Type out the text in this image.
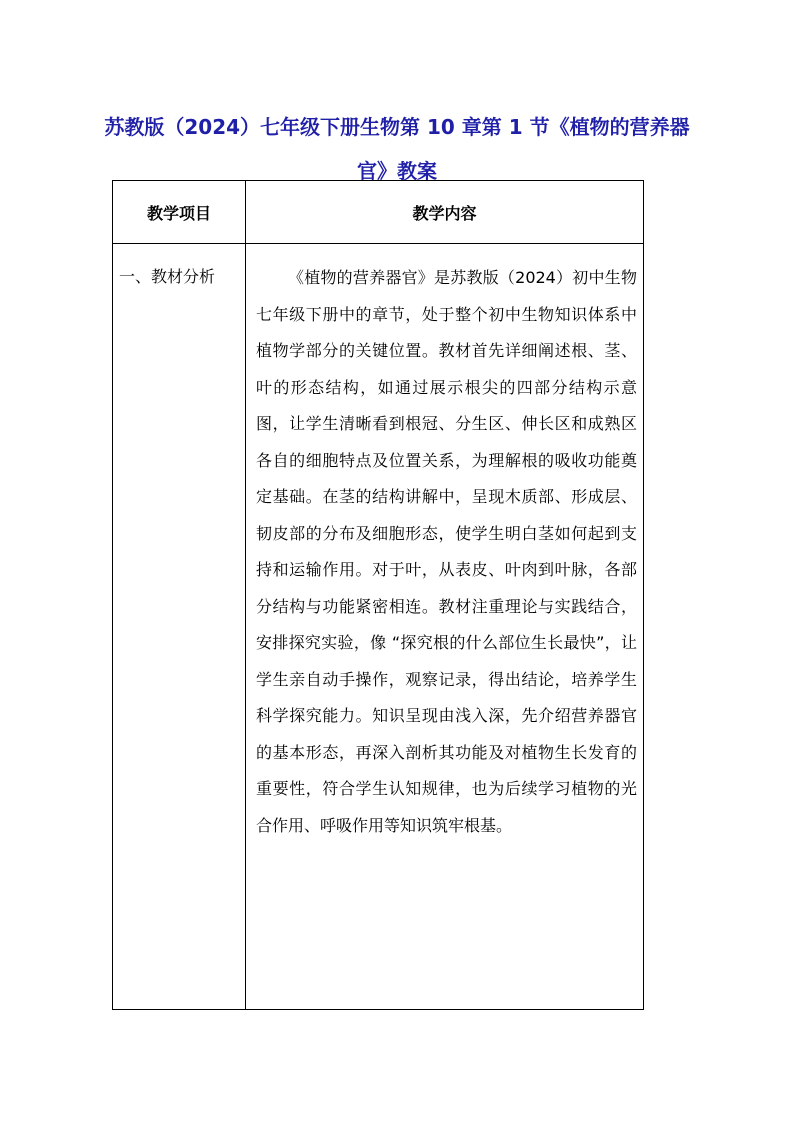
苏教版（2024）七年级下册生物第 10 章第 1 节《植物的营养器官》教案
教学项目	教学内容
一、教材分析	《植物的营养器官》是苏教版（2024）初中生物七年级下册中的章节，处于整个初中生物知识体系中植物学部分的关键位置。教材首先详细阐述根、茎、叶的形态结构，如通过展示根尖的四部分结构示意图，让学生清晰看到根冠、分生区、伸长区和成熟区各自的细胞特点及位置关系，为理解根的吸收功能奠定基础。在茎的结构讲解中，呈现木质部、形成层、韧皮部的分布及细胞形态，使学生明白茎如何起到支持和运输作用。对于叶，从表皮、叶肉到叶脉，各部分结构与功能紧密相连。教材注重理论与实践结合，安排探究实验，像 “探究根的什么部位生长最快”，让学生亲自动手操作，观察记录，得出结论，培养学生科学探究能力。知识呈现由浅入深，先介绍营养器官的基本形态，再深入剖析其功能及对植物生长发育的重要性，符合学生认知规律，也为后续学习植物的光合作用、呼吸作用等知识筑牢根基。
